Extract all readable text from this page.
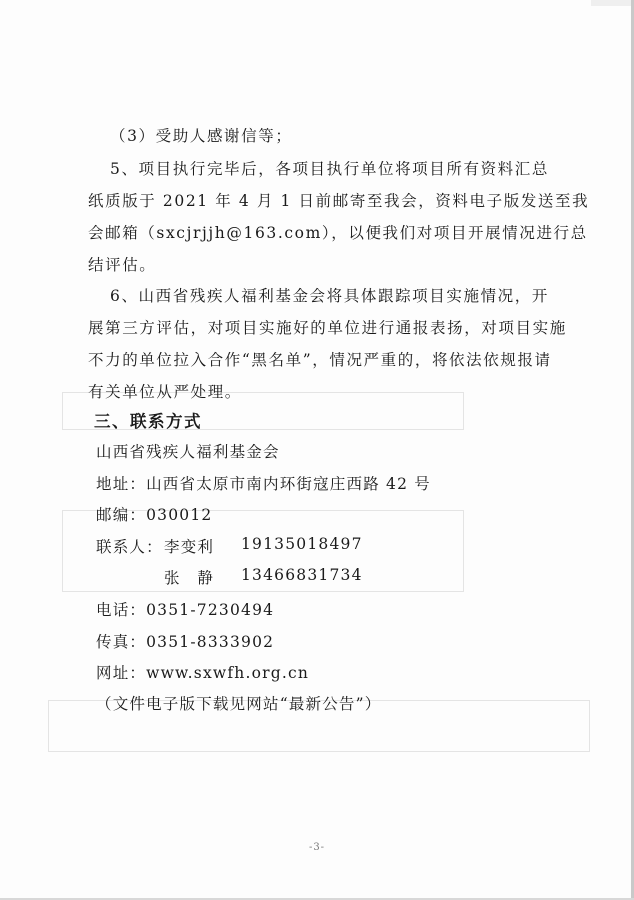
（3）受助人感谢信等；
5、项目执行完毕后，各项目执行单位将项目所有资料汇总
纸质版于 2021 年 4 月 1 日前邮寄至我会，资料电子版发送至我
会邮箱（sxcjrjjh@163.com），以便我们对项目开展情况进行总
结评估。
6、山西省残疾人福利基金会将具体跟踪项目实施情况，开
展第三方评估，对项目实施好的单位进行通报表扬，对项目实施
不力的单位拉入合作“黑名单”，情况严重的，将依法依规报请
有关单位从严处理。
三、联系方式
山西省残疾人福利基金会
地址：山西省太原市南内环街寇庄西路 42 号
邮编：030012
联系人： 李变利 19135018497
张　静 13466831734
电话：0351-7230494
传真：0351-8333902
网址：www.sxwfh.org.cn
（文件电子版下载见网站“最新公告”）
-3-
